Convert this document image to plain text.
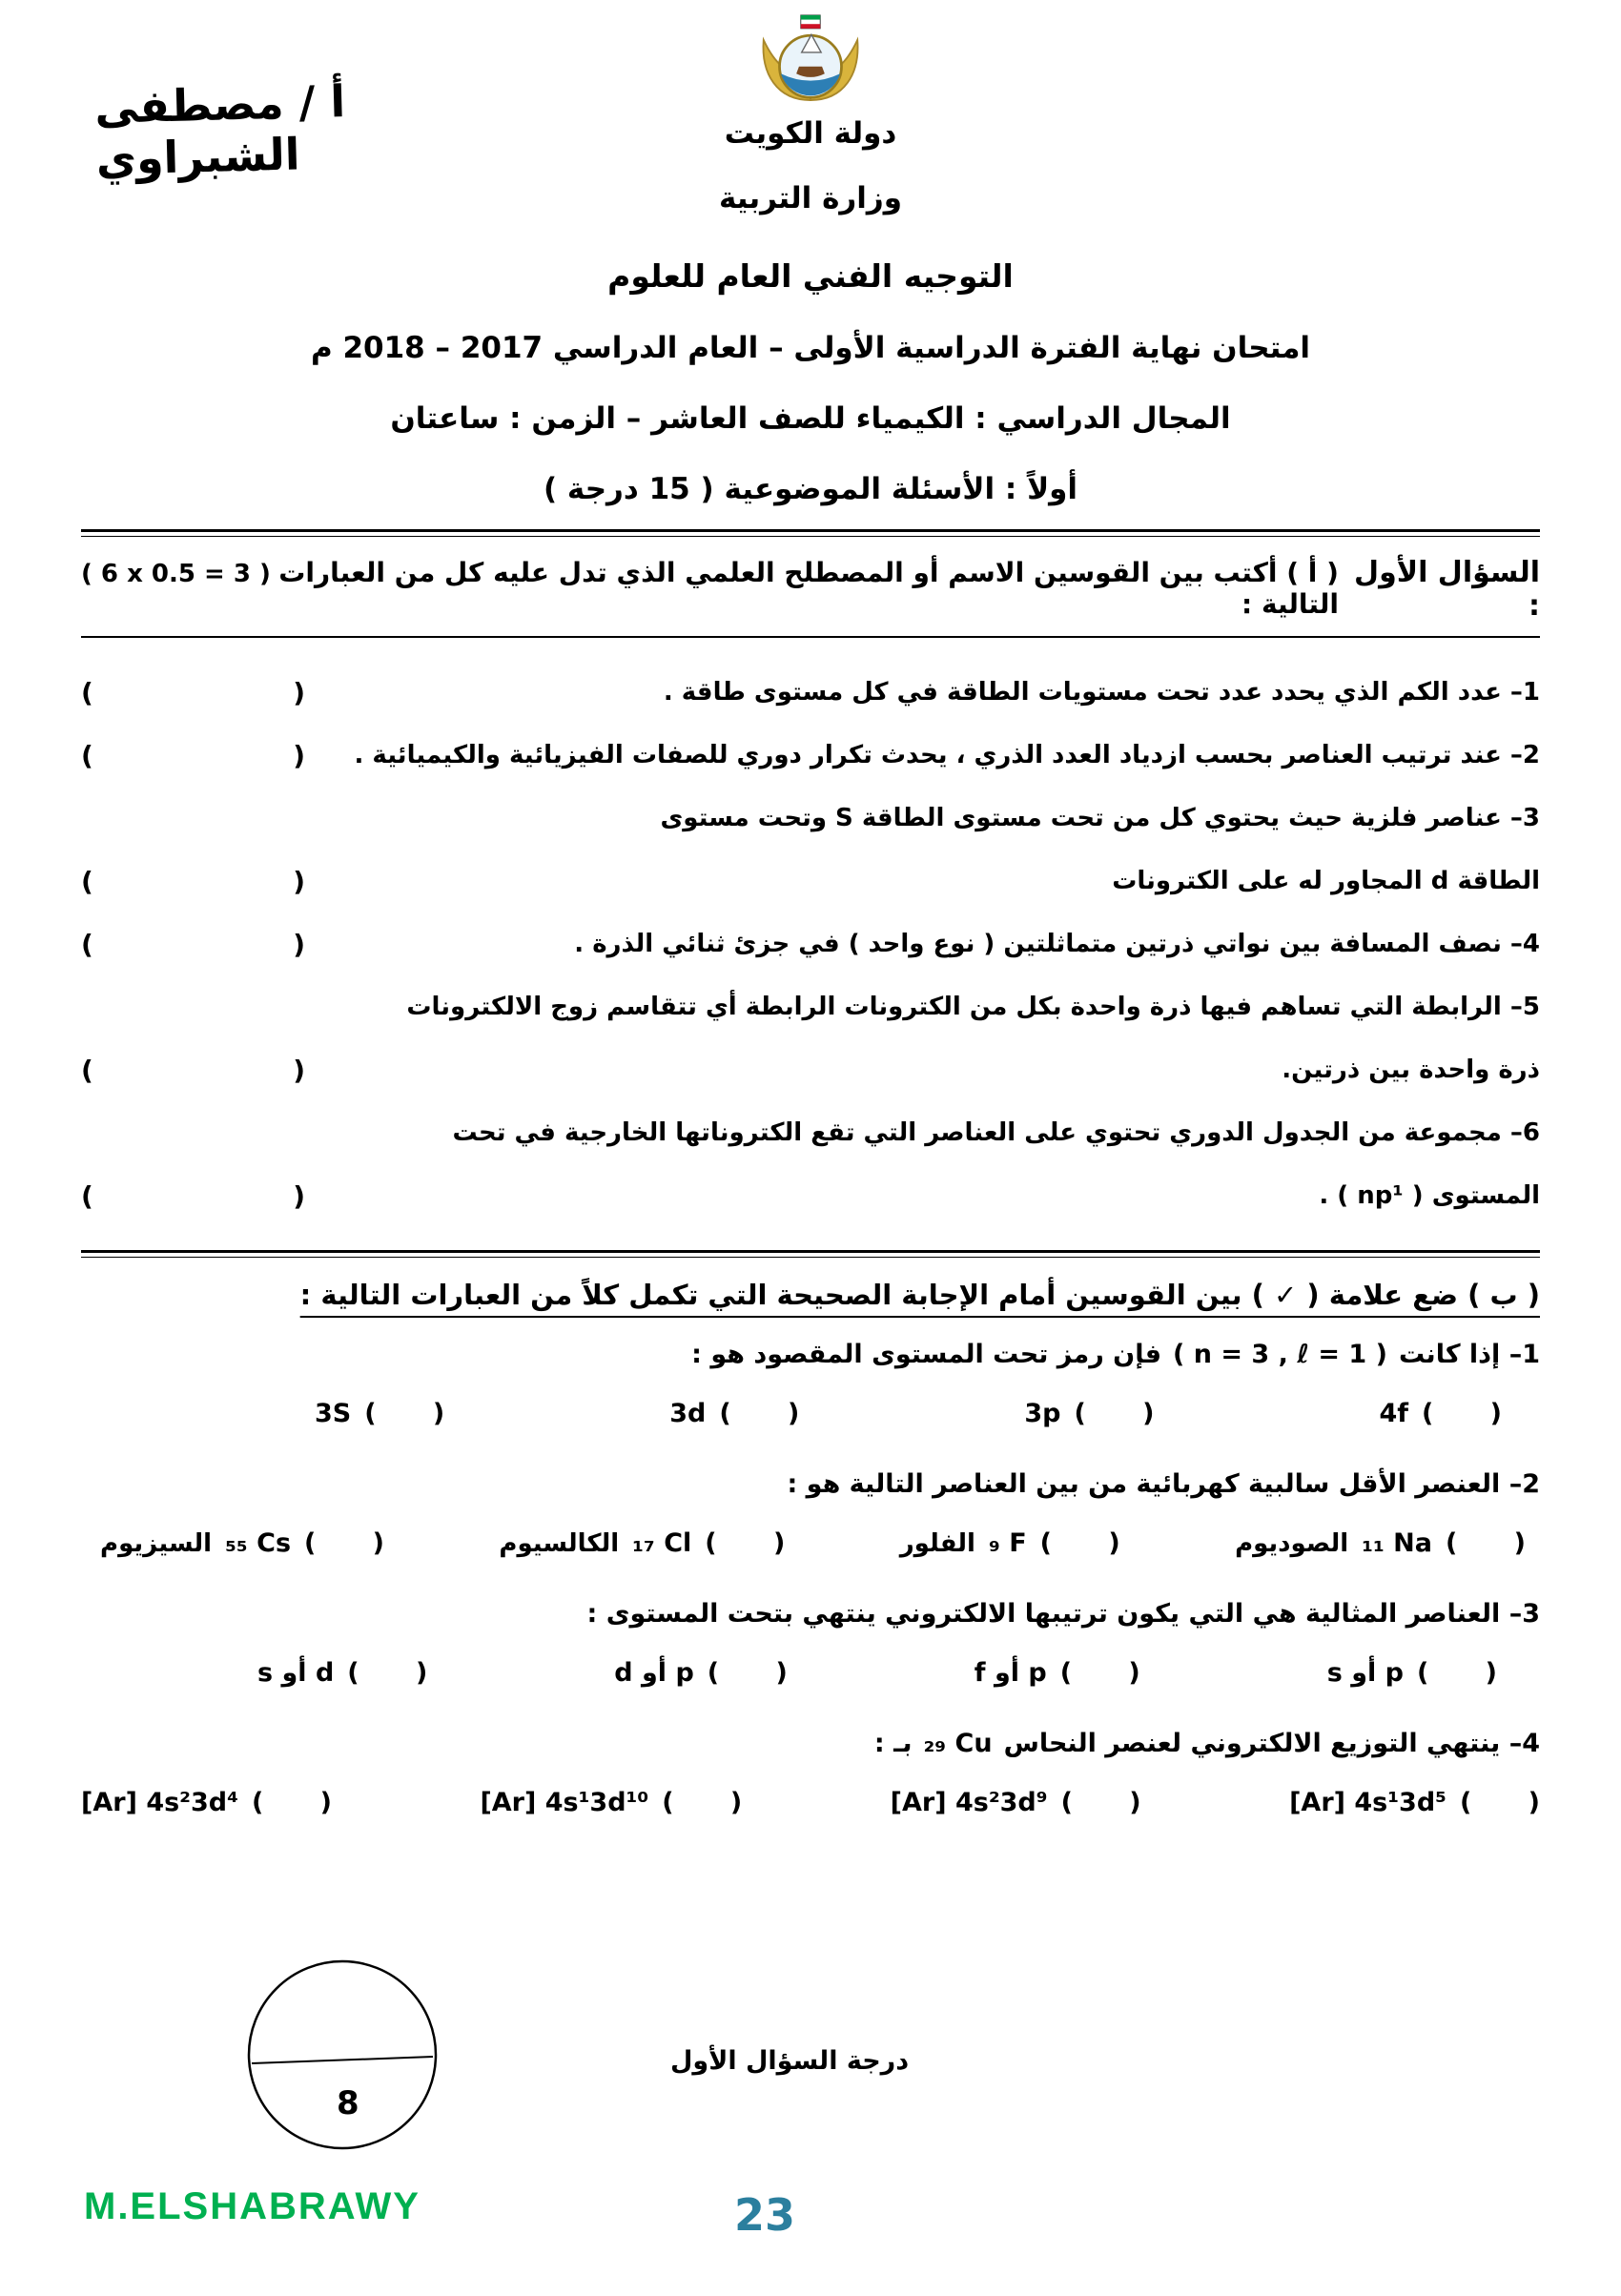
أ / مصطفى الشبراوي	دولة الكويت
وزارة التربية
التوجيه الفني العام للعلوم
امتحان نهاية الفترة الدراسية الأولى – العام الدراسي 2017 – 2018 م
المجال الدراسي : الكيمياء للصف العاشر – الزمن : ساعتان
أولاً : الأسئلة الموضوعية ( 15 درجة )
السؤال الأول :
( أ ) أكتب بين القوسين الاسم أو المصطلح العلمي الذي تدل عليه كل من العبارات التالية :
( 6 x 0.5 = 3 )
1– عدد الكم الذي يحدد عدد تحت مستويات الطاقة في كل مستوى طاقة .
(	)
2– عند ترتيب العناصر بحسب ازدياد العدد الذري ، يحدث تكرار دوري للصفات الفيزيائية والكيميائية .
(	)
3– عناصر فلزية حيث يحتوي كل من تحت مستوى الطاقة S وتحت مستوى
الطاقة d المجاور له على الكترونات
(	)
4– نصف المسافة بين نواتي ذرتين متماثلتين ( نوع واحد ) في جزئ ثنائي الذرة .
(	)
5– الرابطة التي تساهم فيها ذرة واحدة بكل من الكترونات الرابطة أي تتقاسم زوج الالكترونات
ذرة واحدة بين ذرتين.
(	)
6– مجموعة من الجدول الدوري تحتوي على العناصر التي تقع الكتروناتها الخارجية في تحت
المستوى ( np¹ ) .
(	)
( ب ) ضع علامة ( ✓ ) بين القوسين أمام الإجابة الصحيحة التي تكمل كلاً من العبارات التالية :
1– إذا كانت
( n = 3 , ℓ = 1 )
فإن رمز تحت المستوى المقصود هو :
4f ( )
3p ( )
3d ( )
3S ( )
2– العنصر الأقل سالبية كهربائية من بين العناصر التالية هو :
الصوديوم ₁₁ Na ( )
الفلور ₉ F ( )
الكالسيوم ₁₇ Cl ( )
السيزيوم ₅₅ Cs ( )
3– العناصر المثالية هي التي يكون ترتيبها الالكتروني ينتهي بتحت المستوى :
s أو p ( )
f أو p ( )
d أو p ( )
s أو d ( )
4– ينتهي التوزيع الالكتروني لعنصر النحاس
₂₉ Cu
بـ :
[Ar] 4s¹3d⁵ ( )
[Ar] 4s²3d⁹ ( )
[Ar] 4s¹3d¹⁰ ( )
[Ar] 4s²3d⁴ ( )
8
درجة السؤال الأول
M.ELSHABRAWY	23
